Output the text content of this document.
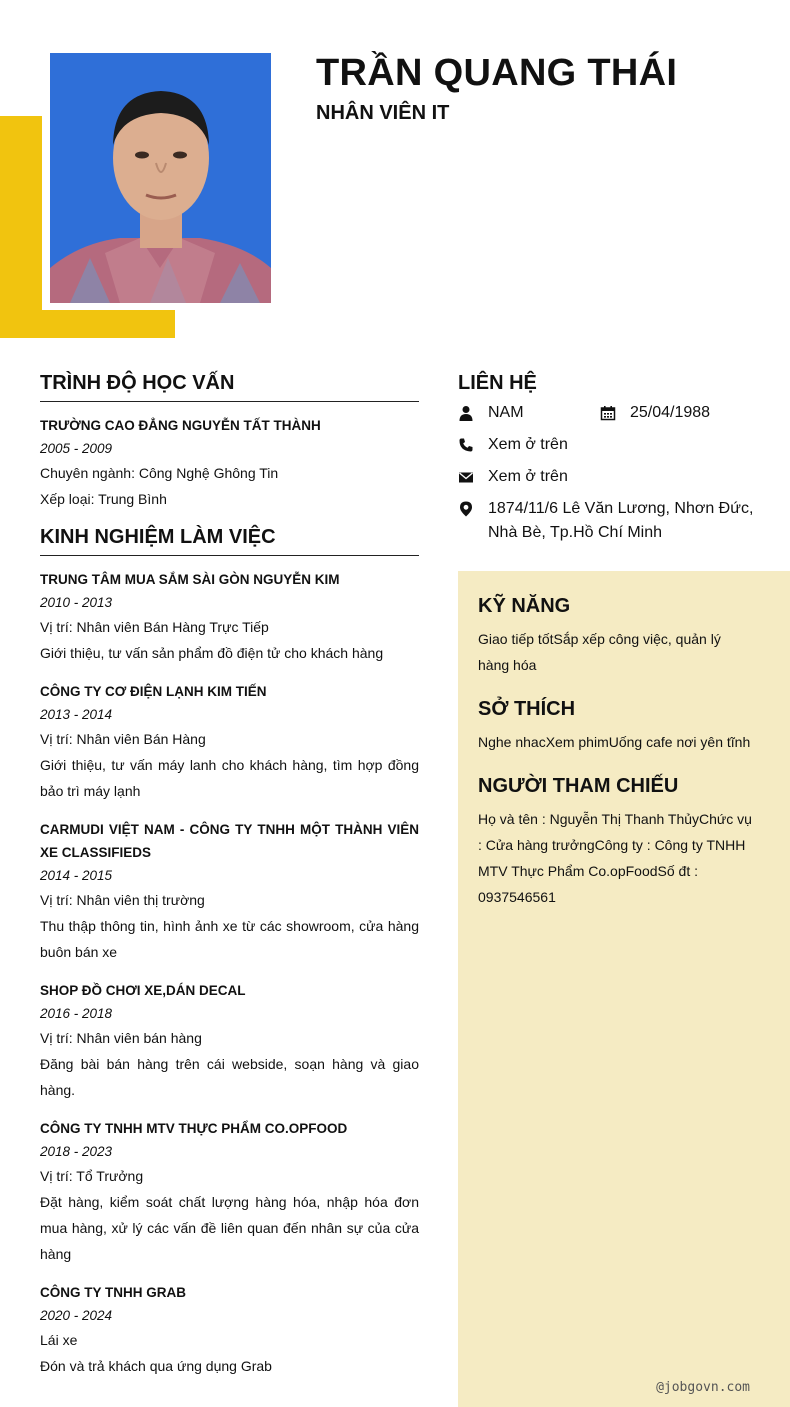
TRẦN QUANG THÁI
NHÂN VIÊN IT
TRÌNH ĐỘ HỌC VẤN
TRƯỜNG CAO ĐẲNG NGUYỄN TẤT THÀNH
2005 - 2009
Chuyên ngành: Công Nghệ Ghông Tin
Xếp loại: Trung Bình
KINH NGHIỆM LÀM VIỆC
TRUNG TÂM MUA SẮM SÀI GÒN NGUYỄN KIM
2010 - 2013
Vị trí: Nhân viên Bán Hàng Trực Tiếp
Giới thiệu, tư vấn sản phẩm đồ điện tử cho khách hàng
CÔNG TY CƠ ĐIỆN LẠNH KIM TIẾN
2013 - 2014
Vị trí: Nhân viên Bán Hàng
Giới thiệu, tư vấn máy lanh cho khách hàng, tìm hợp đồng bảo trì máy lạnh
CARMUDI VIỆT NAM - CÔNG TY TNHH MỘT THÀNH VIÊN XE CLASSIFIEDS
2014 - 2015
Vị trí: Nhân viên thị trường
Thu thập thông tin, hình ảnh xe từ các showroom, cửa hàng buôn bán xe
SHOP ĐỒ CHƠI XE,DÁN DECAL
2016 - 2018
Vị trí: Nhân viên bán hàng
Đăng bài bán hàng trên cái webside, soạn hàng và giao hàng.
CÔNG TY TNHH MTV THỰC PHẨM CO.OPFOOD
2018 - 2023
Vị trí: Tổ Trưởng
Đặt hàng, kiểm soát chất lượng hàng hóa, nhập hóa đơn mua hàng, xử lý các vấn đề liên quan đến nhân sự của cửa hàng
CÔNG TY TNHH GRAB
2020 - 2024
Lái xe
Đón và trả khách qua ứng dụng Grab
LIÊN HỆ
NAM	25/04/1988
Xem ở trên
Xem ở trên
1874/11/6 Lê Văn Lương, Nhơn Đức, Nhà Bè, Tp.Hồ Chí Minh
KỸ NĂNG
Giao tiếp tốtSắp xếp công việc, quản lý hàng hóa
SỞ THÍCH
Nghe nhacXem phimUống cafe nơi yên tĩnh
NGƯỜI THAM CHIẾU
Họ và tên : Nguyễn Thị Thanh ThủyChức vụ : Cửa hàng trưởngCông ty : Công ty TNHH MTV Thực Phẩm Co.opFoodSố đt : 0937546561
@jobgovn.com
